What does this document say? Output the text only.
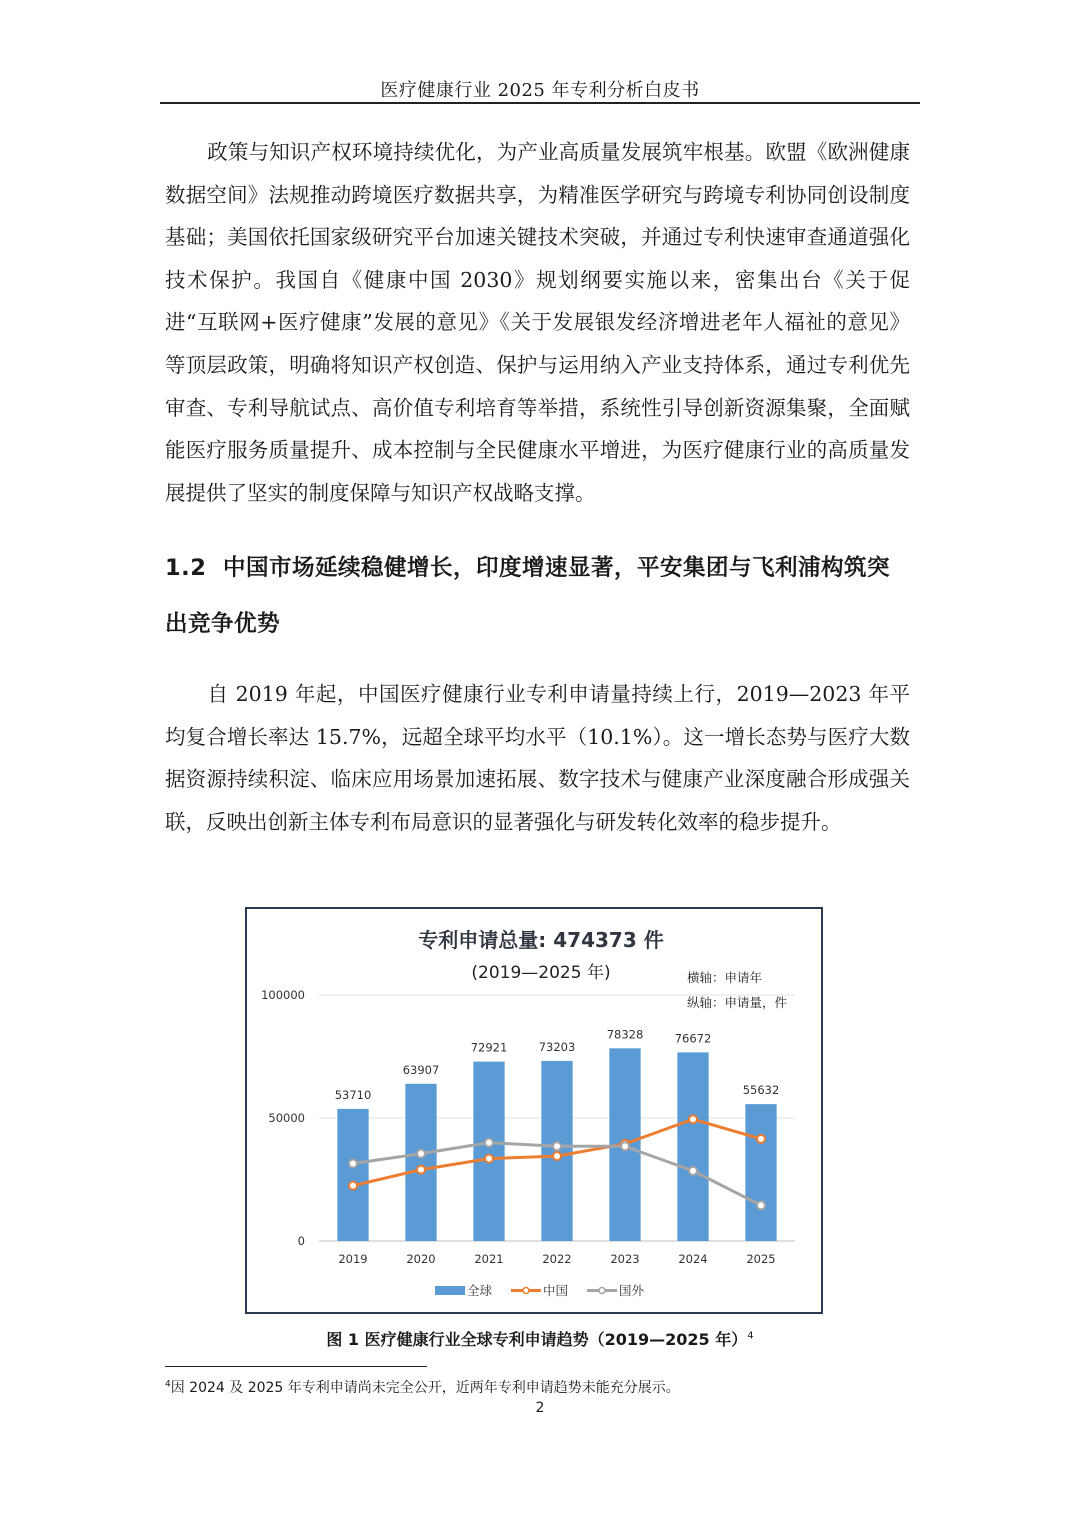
医疗健康行业 2025 年专利分析白皮书

政策与知识产权环境持续优化，为产业高质量发展筑牢根基。欧盟《欧洲健康数据空间》法规推动跨境医疗数据共享，为精准医学研究与跨境专利协同创设制度基础；美国依托国家级研究平台加速关键技术突破，并通过专利快速审查通道强化技术保护。我国自《健康中国 2030》规划纲要实施以来，密集出台《关于促进“互联网+医疗健康”发展的意见》《关于发展银发经济增进老年人福祉的意见》等顶层政策，明确将知识产权创造、保护与运用纳入产业支持体系，通过专利优先审查、专利导航试点、高价值专利培育等举措，系统性引导创新资源集聚，全面赋能医疗服务质量提升、成本控制与全民健康水平增进，为医疗健康行业的高质量发展提供了坚实的制度保障与知识产权战略支撑。

1.2 中国市场延续稳健增长，印度增速显著，平安集团与飞利浦构筑突出竞争优势

自 2019 年起，中国医疗健康行业专利申请量持续上行，2019—2023 年平均复合增长率达 15.7%，远超全球平均水平（10.1%）。这一增长态势与医疗大数据资源持续积淀、临床应用场景加速拓展、数字技术与健康产业深度融合形成强关联，反映出创新主体专利布局意识的显著强化与研发转化效率的稳步提升。

专利申请总量: 474373 件
(2019—2025 年)	横轴：申请年
纵轴：申请量，件
0
50000
100000
53710
63907
72921	73203
78328	76672
55632
2019	2020	2021	2022	2023	2024	2025
全球	中国	国外
图 1 医疗健康行业全球专利申请趋势（2019—2025 年）$^4$
$^4$因 2024 及 2025 年专利申请尚未完全公开，近两年专利申请趋势未能充分展示。
2
